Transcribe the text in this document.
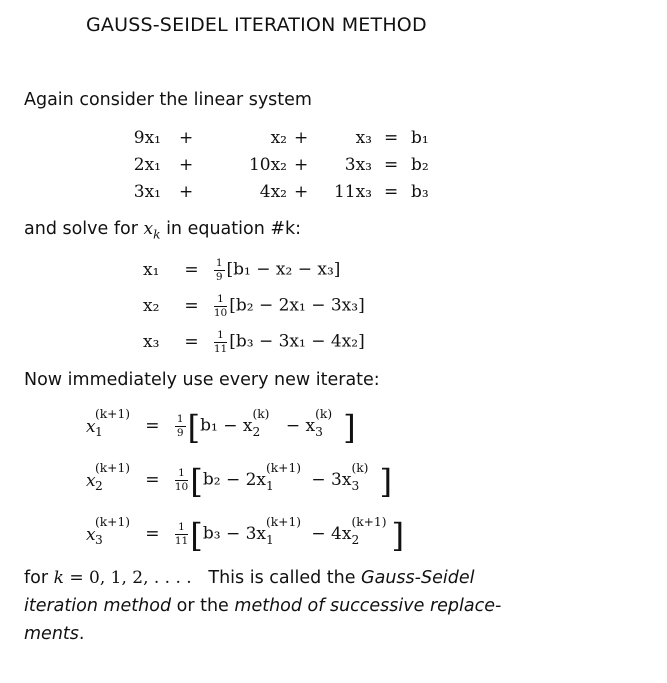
GAUSS-SEIDEL ITERATION METHOD
Again consider the linear system
9x₁ +	x₂ +	x₃ = b₁
2x₁ +	10x₂ + 3x₃ = b₂
3x₁ +	4x₂ + 11x₃ = b₃
and solve for $x_k$ in equation #k:
$x_1 = \frac{1}{9} [b_1 - x_2 - x_3]$
$x_2 = \frac{1}{10} [b_2 - 2x_1 - 3x_3]$
$x_3 = \frac{1}{11} [b_3 - 3x_1 - 4x_2]$
Now immediately use every new iterate:
x
(k+1)
$1 = \frac{1}{9} [b_1 - x$
(k)
2 − x
(k)
3 ]
x
(k+1)
$2 = \frac{1}{10} [b_2 - 2x$
(k+1)
1 − 3x
(k)
3 ]
x
(k+1)
$3 = \frac{1}{11} [b_3 - 3x$
(k+1)
1 − 4x
(k+1)
2 ]
for k = 0, 1, 2, . . . .   This is called the Gauss-Seidel
iteration method or the method of successive replace-
ments.
